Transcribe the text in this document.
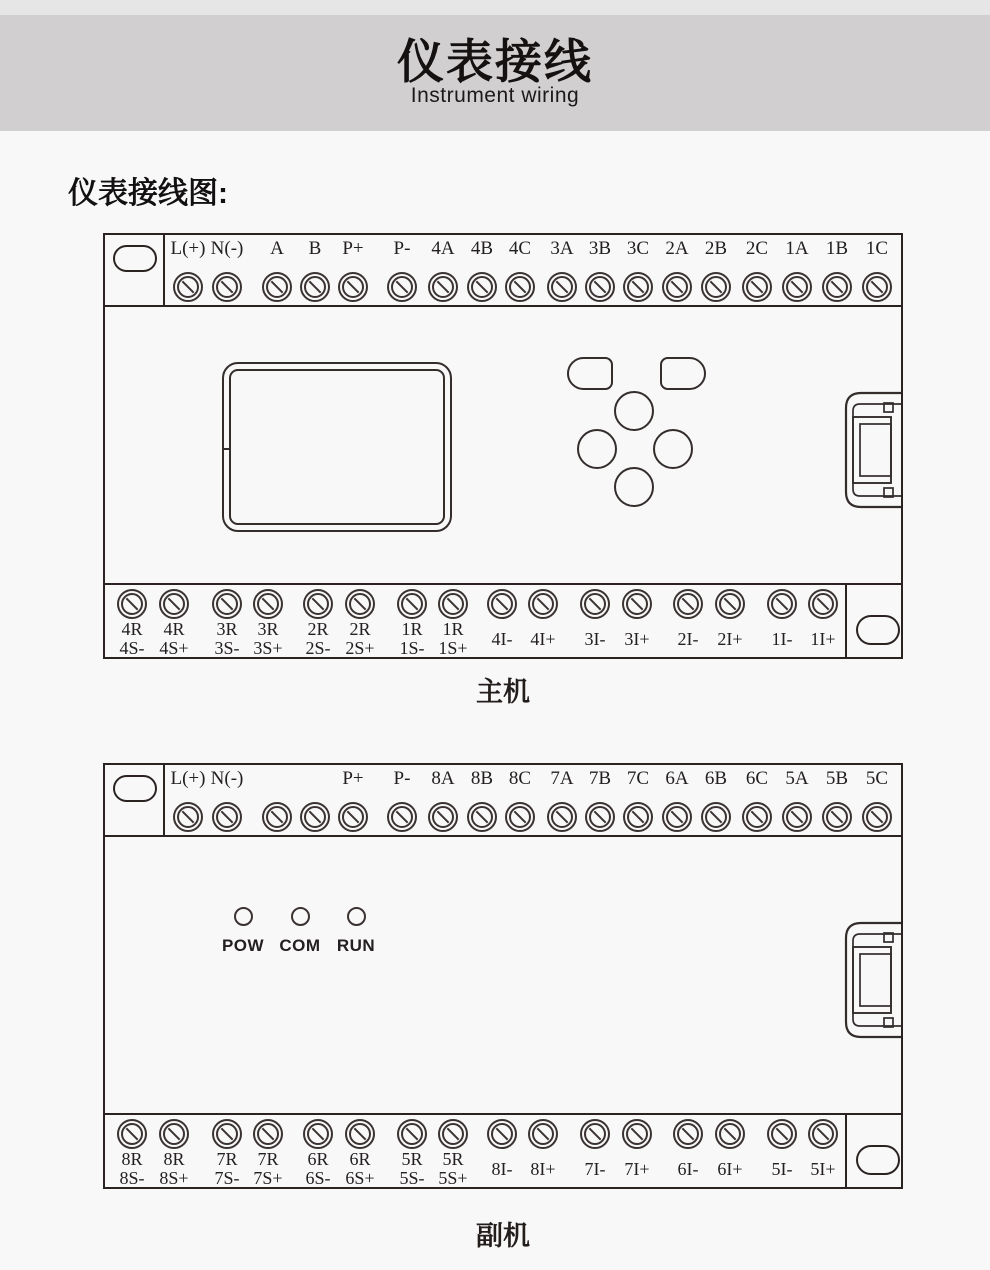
仪表接线
Instrument wiring
仪表接线图:
L(+) N(-) A B P+ P- 4A 4B 4C 3A 3B 3C 2A 2B 2C 1A 1B 1C
4R
4S-
4R
4S+
3R
3S-
3R
3S+
2R
2S-
2R
2S+
1R
1S-
1R
1S+ 4I- 4I+ 3I- 3I+ 2I- 2I+ 1I- 1I+
主机
POW COM RUN
L(+) N(-)	P+ P- 8A 8B 8C 7A 7B 7C 6A 6B 6C 5A 5B 5C
8R
8S-
8R
8S+
7R
7S-
7R
7S+
6R
6S-
6R
6S+
5R
5S-
5R
5S+ 8I- 8I+ 7I- 7I+ 6I- 6I+ 5I- 5I+
副机
